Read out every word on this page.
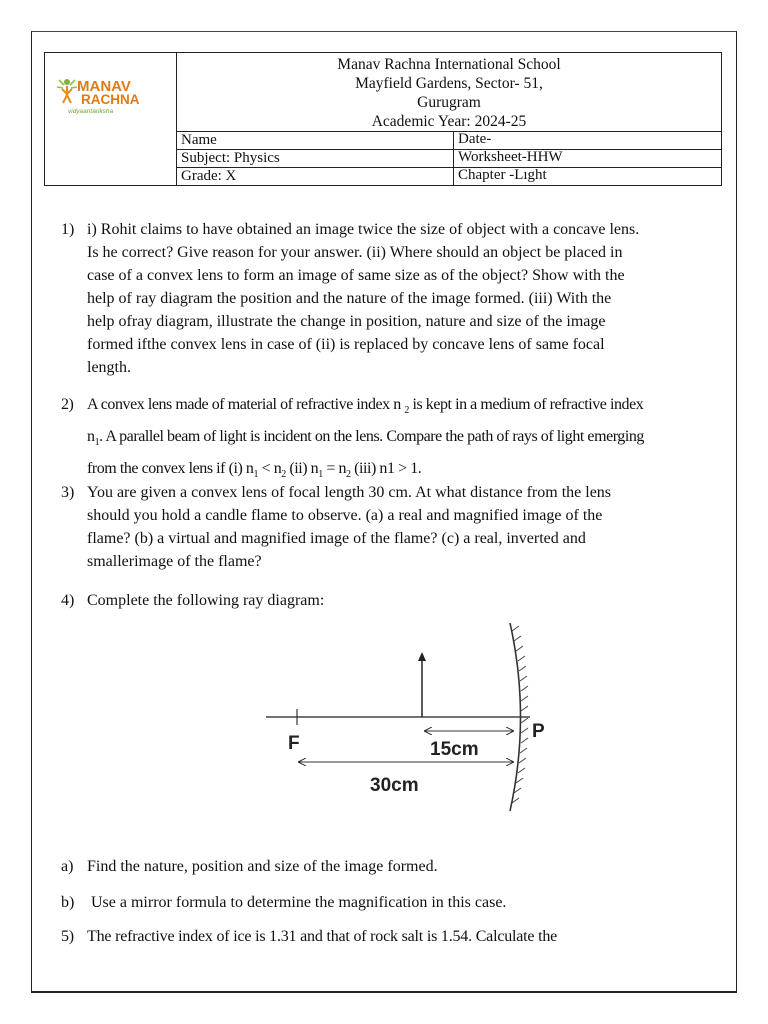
MANAV
RACHNA
vidyaantariksha
Manav Rachna International School
Mayfield Gardens, Sector- 51,
Gurugram
Academic Year: 2024-25
Name	Date-
Subject: Physics	Worksheet-HHW
Grade: X	Chapter -Lıght
1) i) Rohit claims to have obtained an image twice the size of object with a concave lens.
Is he correct? Give reason for your answer. (ii) Where should an object be placed in
case of a convex lens to form an image of same size as of the object? Show with the
help of ray diagram the position and the nature of the image formed. (iii) With the
help ofray diagram, illustrate the change in position, nature and size of the image
formed ifthe convex lens in case of (ii) is replaced by concave lens of same focal
length.
2) A convex lens made of material of refractive index n $_2$ is kept in a medium of refractive index
$n_1$. A parallel beam of light is incident on the lens. Compare the path of rays of light emerging
from the convex lens if (i) $n_1 < n_2$ (ii) $n_1 = n_2$ (iii) n1 > 1.
3) You are given a convex lens of focal length 30 cm. At what distance from the lens
should you hold a candle flame to observe. (a) a real and magnified image of the
flame? (b) a virtual and magnified image of the flame? (c) a real, inverted and
smallerimage of the flame?
4) Complete the following ray diagram:
F
P
15cm
30cm
a) Find the nature, position and size of the image formed.
b) Use a mirror formula to determine the magnification in this case.
5) The refractive index of ice is 1.31 and that of rock salt is 1.54. Calculate the
